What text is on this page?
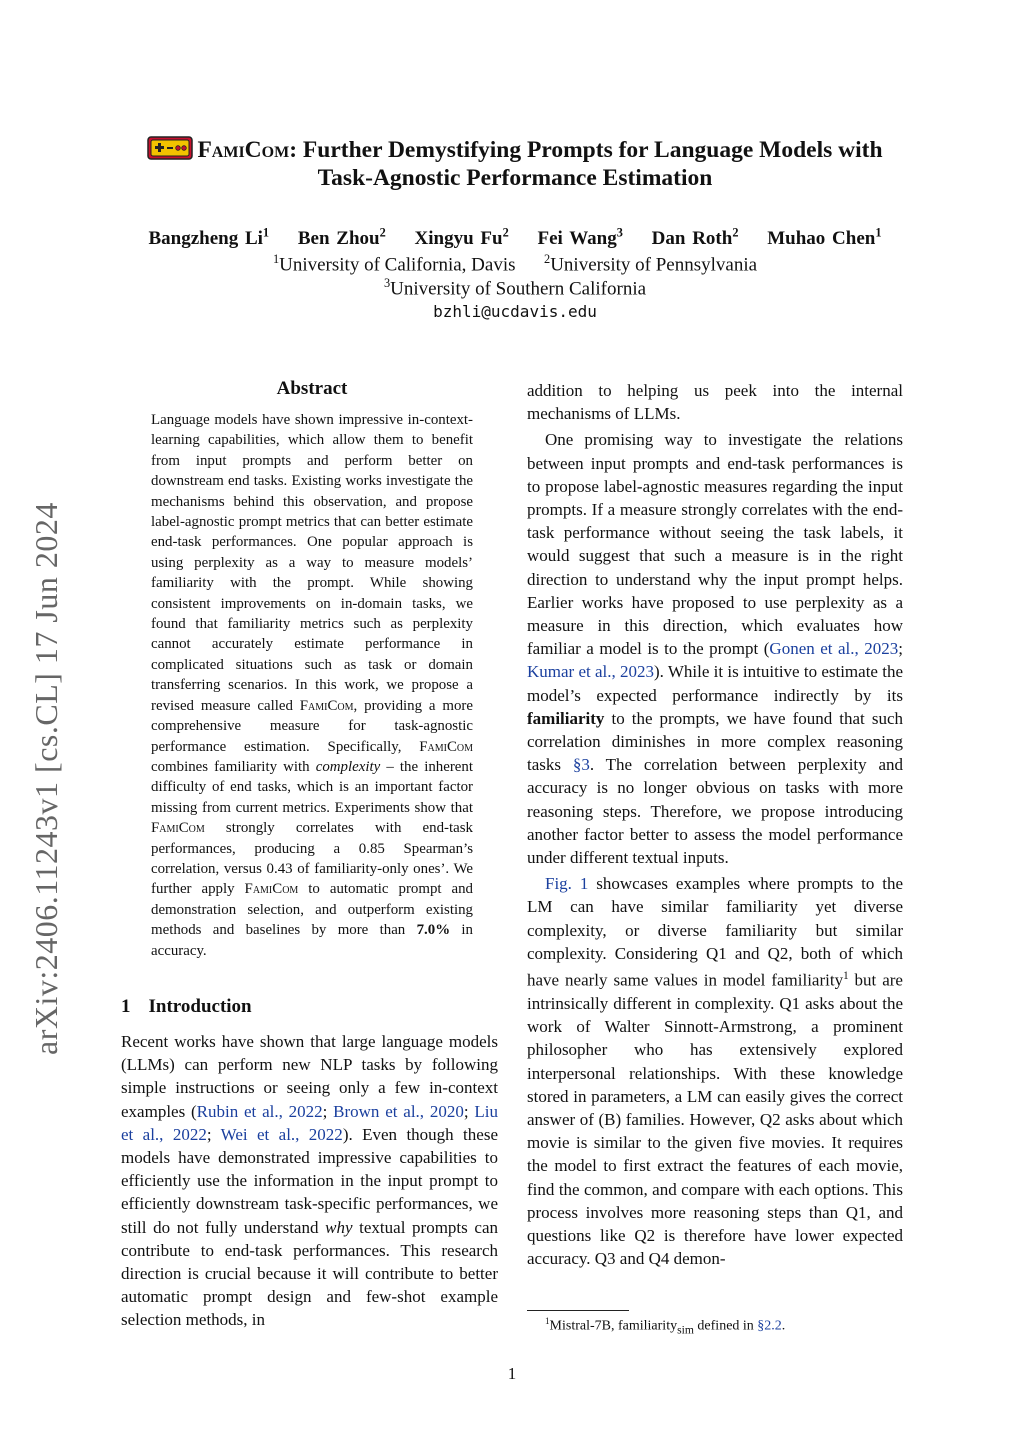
arXiv:2406.11243v1 [cs.CL] 17 Jun 2024
FamiCom: Further Demystifying Prompts for Language Models with
Task-Agnostic Performance Estimation
Bangzheng Li$^1$ Ben Zhou$^2$ Xingyu Fu$^2$ Fei Wang$^3$ Dan Roth$^2$ Muhao Chen$^1$
$^1$University of California, Davis $^2$University of Pennsylvania
$^3$University of Southern California
bzhli@ucdavis.edu
Abstract
Language models have shown impressive in-context-learning capabilities, which allow them to benefit from input prompts and perform better on downstream end tasks. Existing works investigate the mechanisms behind this observation, and propose label-agnostic prompt metrics that can better estimate end-task performances. One popular approach is using perplexity as a way to measure models’ familiarity with the prompt. While showing consistent improvements on in-domain tasks, we found that familiarity metrics such as perplexity cannot accurately estimate performance in complicated situations such as task or domain transferring scenarios. In this work, we propose a revised measure called FamiCom, providing a more comprehensive measure for task-agnostic performance estimation. Specifically, FamiCom combines familiarity with complexity – the inherent difficulty of end tasks, which is an important factor missing from current metrics. Experiments show that FamiCom strongly correlates with end-task performances, producing a 0.85 Spearman’s correlation, versus 0.43 of familiarity-only ones’. We further apply FamiCom to automatic prompt and demonstration selection, and outperform existing methods and baselines by more than 7.0% in accuracy.
1 Introduction
Recent works have shown that large language models (LLMs) can perform new NLP tasks by following simple instructions or seeing only a few in-context examples (Rubin et al., 2022; Brown et al., 2020; Liu et al., 2022; Wei et al., 2022). Even though these models have demonstrated impressive capabilities to efficiently use the information in the input prompt to efficiently downstream task-specific performances, we still do not fully understand why textual prompts can contribute to end-task performances. This research direction is crucial because it will contribute to better automatic prompt design and few-shot example selection methods, in

addition to helping us peek into the internal mechanisms of LLMs.

One promising way to investigate the relations between input prompts and end-task performances is to propose label-agnostic measures regarding the input prompts. If a measure strongly correlates with the end-task performance without seeing the task labels, it would suggest that such a measure is in the right direction to understand why the input prompt helps. Earlier works have proposed to use perplexity as a measure in this direction, which evaluates how familiar a model is to the prompt (Gonen et al., 2023; Kumar et al., 2023). While it is intuitive to estimate the model’s expected performance indirectly by its familiarity to the prompts, we have found that such correlation diminishes in more complex reasoning tasks §3. The correlation between perplexity and accuracy is no longer obvious on tasks with more reasoning steps. Therefore, we propose introducing another factor better to assess the model performance under different textual inputs.

Fig. 1 showcases examples where prompts to the LM can have similar familiarity yet diverse complexity, or diverse familiarity but similar complexity. Considering Q1 and Q2, both of which have nearly same values in model familiarity$^1$ but are intrinsically different in complexity. Q1 asks about the work of Walter Sinnott-Armstrong, a prominent philosopher who has extensively explored interpersonal relationships. With these knowledge stored in parameters, a LM can easily gives the correct answer of (B) families. However, Q2 asks about which movie is similar to the given five movies. It requires the model to first extract the features of each movie, find the common, and compare with each options. This process involves more reasoning steps than Q1, and questions like Q2 is therefore have lower expected accuracy. Q3 and Q4 demon-

$^1$Mistral-7B, familiarity$_{sim}$ defined in §2.2.
1
